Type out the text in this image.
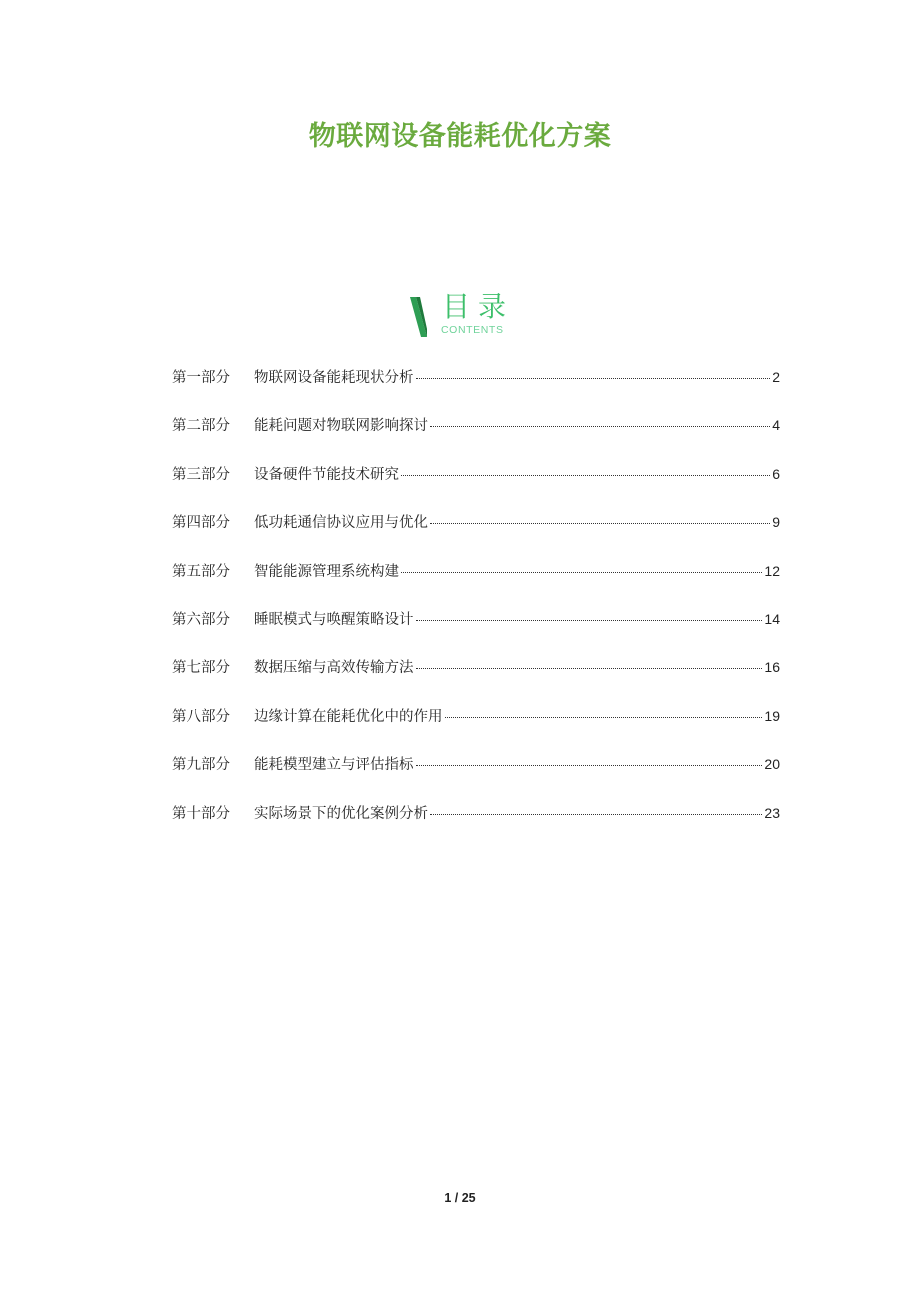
物联网设备能耗优化方案
目录
CONTENTS
第一部分	物联网设备能耗现状分析	2
第二部分	能耗问题对物联网影响探讨	4
第三部分	设备硬件节能技术研究	6
第四部分	低功耗通信协议应用与优化	9
第五部分	智能能源管理系统构建	12
第六部分	睡眠模式与唤醒策略设计	14
第七部分	数据压缩与高效传输方法	16
第八部分	边缘计算在能耗优化中的作用	19
第九部分	能耗模型建立与评估指标	20
第十部分	实际场景下的优化案例分析	23
1 / 25
